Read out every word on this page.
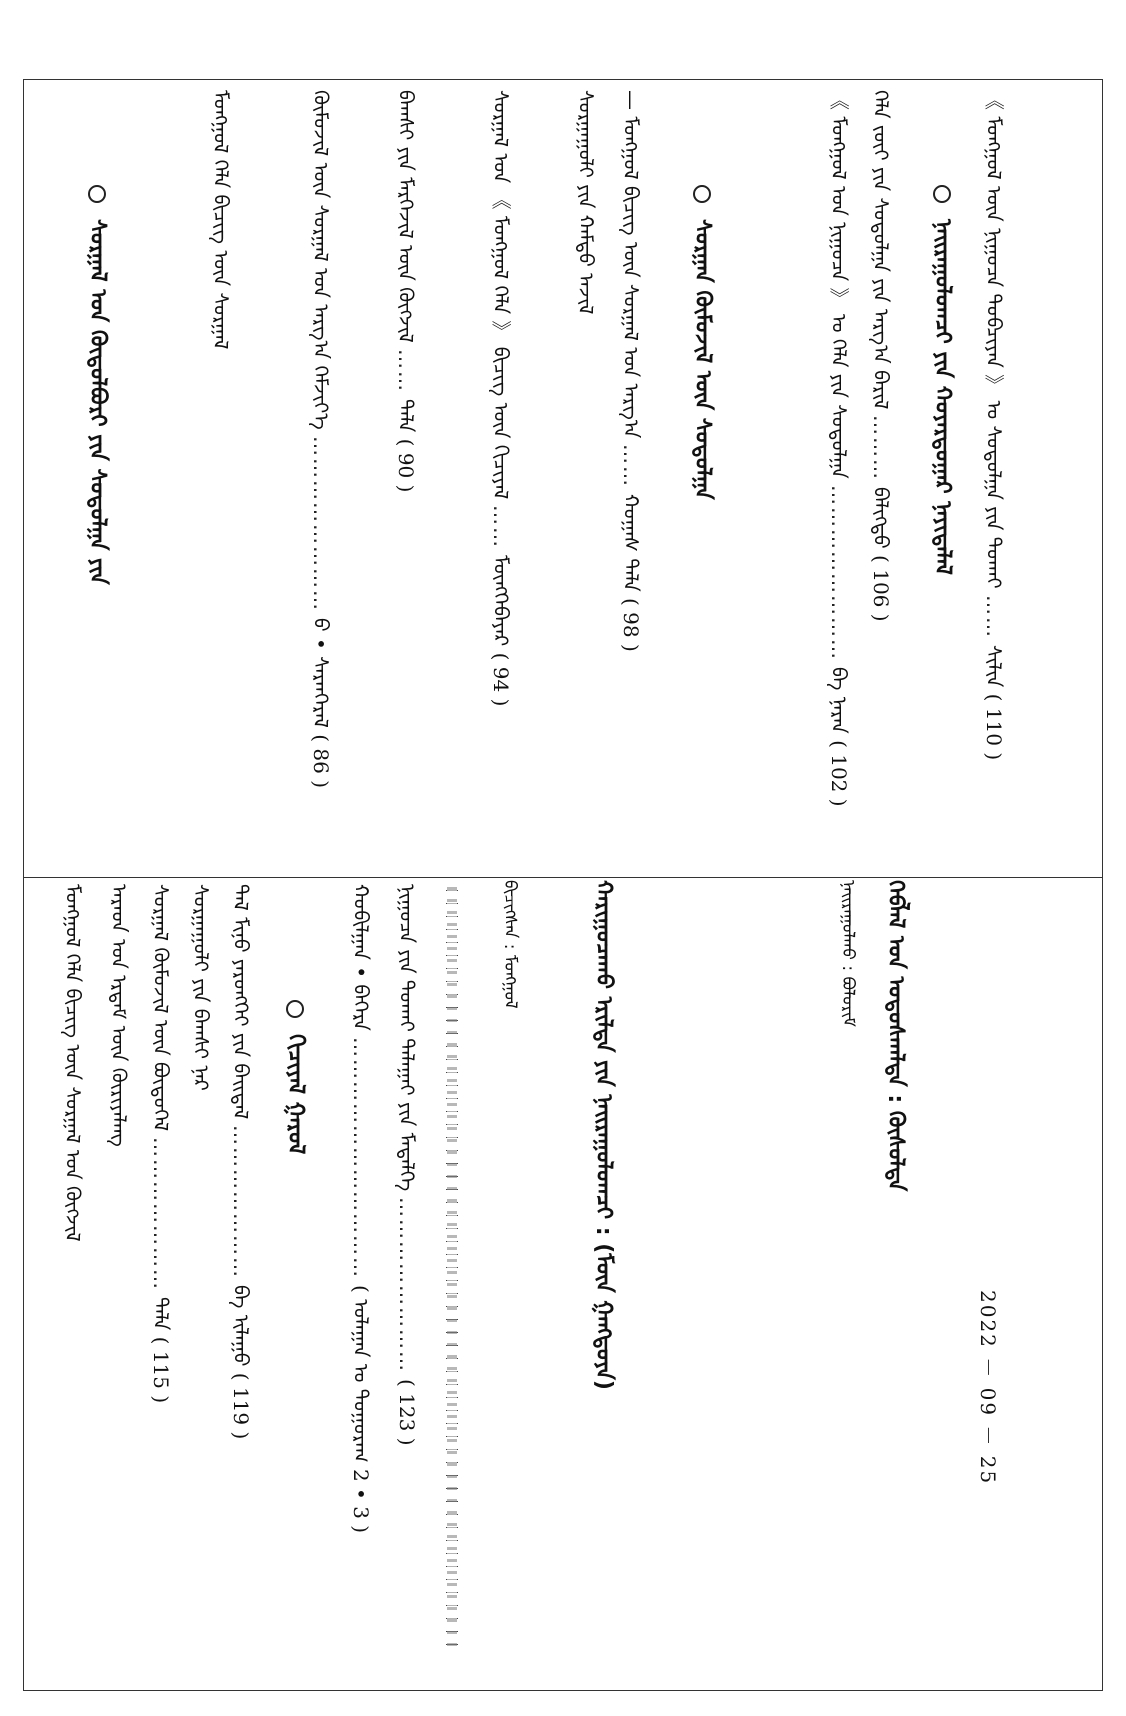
2022 － 09 － 25
ᠬᠡᠪᠯᠡᠯ ᠤᠨ ᠣᠳᠣᠰᠬᠠᠯᠲᠠ : ᠬᠦᠰᠦᠯᠲᠡ
ᠨᠠᠢᠷᠠᠭᠤᠯᠬᠤ : ᠪᠣᠯᠣᠷᠢᠮ
ᠬᠠᠷᠢᠭᠤᠴᠠᠬᠤ ᠡᠷᠢᠯᠲᠡ ᠶᠢᠨ ᠨᠠᠢᠷᠠᠭᠤᠯᠤᠭᠴᠢ : (ᠮᠦᠨ ᠭᠠᠩᠲᠤᠶᠠ)
ᠪᠢᠴᠢᠭᠰᠡᠨ : ᠮᠣᠩᠭᠣᠯ
ᠨᠢᠭᠤᠴᠠ ᠶᠢᠨ ᠲᠤᠬᠠᠢ ᠲᠠᠯᠠᠭᠠᠢ ᠶᠢᠨ ᠮᠡᠳᠡᠯᠭᠡ
……………………
( 123 )
ᠬᠤᠪᠢᠯᠭᠠᠨ • ᠪᠡᠭᠡᠷᠡ
……………………………
( ᠤᠯᠠᠭᠠᠨ ᠤ ᠲᠤᠭᠤᠷᠠᠭ 2 • 3 )
ᠬᠢᠴᠢᠶᠡᠯ ᠭᠠᠷᠤᠯ
ᠲᠠᠯ ᠮᠢᠨᠦ ᠶᠡᠷᠦᠩᠬᠡᠢ ᠶᠢᠨ ᠪᠠᠢᠳᠠᠯ
…………………
ᠪᠠ ᠢᠯᠠᠭᠤ ( 119 )
ᠰᠤᠷᠭᠠᠭᠤᠯᠢ ᠶᠢᠨ ᠪᠠᠭᠰᠢ ᠨᠠᠷ
ᠰᠤᠷᠭᠠᠯ ᠬᠦᠮᠦᠵᠢᠯ ᠦᠨ ᠪᠦᠲᠦᠭᠡᠯ
…………………
ᠲᠠᠯᠠ ( 115 )
ᠠᠷᠠᠳ ᠤᠨ ᠡᠷᠲᠡᠮ ᠦᠨ ᠬᠦᠷᠢᠶᠡᠯᠡᠩ
ᠮᠣᠩᠭᠣᠯ ᠬᠡᠯᠡ ᠪᠢᠴᠢᠭ ᠦᠨ ᠰᠤᠷᠭᠠᠯ ᠤᠨ ᠬᠥᠭᠵᠢᠯ
《 ᠮᠣᠩᠭᠣᠯ ᠦᠨ ᠨᠢᠭᠤᠴᠠ ᠲᠣᠪᠴᠢᠶᠠᠨ 》 ᠤ ᠰᠤᠳᠤᠯᠭᠠ ᠶᠢᠨ ᠲᠤᠬᠠᠢ
……
ᠰᠢᠯᠢᠨ ( 110 )
ᠨᠠᠢᠷᠠᠭᠤᠯᠤᠭᠴᠢ ᠶᠢᠨ ᠬᠣᠶᠠᠷᠳᠤᠭᠠᠷ ᠨᠡᠶᠢᠲᠡᠯᠡᠯ
ᠬᠡᠯᠡ ᠵᠦᠢ ᠶᠢᠨ ᠰᠤᠳᠤᠯᠭᠠ ᠶᠢᠨ ᠠᠷᠭ᠎ᠠ ᠪᠠᠷᠢᠯ
………
ᠪᠡᠯᠢᠭᠲᠦ ( 106 )
《 ᠮᠣᠩᠭᠣᠯ ᠤᠨ ᠨᠢᠭᠤᠴᠠ 》 ᠤ ᠬᠡᠯᠡ ᠶᠢᠨ ᠰᠤᠳᠤᠯᠭᠠ
……………………
ᠪᠠ ᠨᠠᠷᠠᠨ ( 102 )
ᠰᠤᠷᠭᠠᠨ ᠬᠦᠮᠦᠵᠢᠯ ᠦᠨ ᠰᠤᠳᠤᠯᠭᠠ
— ᠮᠣᠩᠭᠣᠯ ᠪᠢᠴᠢᠭ ᠦᠨ ᠰᠤᠷᠭᠠᠯ ᠤᠨ ᠠᠷᠭ᠎ᠠ
……
ᠬᠤᠭᠠᠰ ᠲᠠᠯᠠ ( 98 )
ᠰᠤᠷᠭᠠᠭᠤᠯᠢ ᠶᠢᠨ ᠬᠠᠮᠲᠤ ᠠᠵᠢᠯ
ᠰᠤᠷᠭᠠᠯ ᠤᠨ 《 ᠮᠣᠩᠭᠣᠯ ᠬᠡᠯᠡ 》 ᠪᠢᠴᠢᠭ ᠦᠨ ᠬᠢᠴᠢᠶᠡᠯ
……
ᠮᠥᠩᠬᠡᠪᠠᠶᠠᠷ ( 94 )
ᠪᠠᠭᠰᠢ ᠶᠢᠨ ᠮᠡᠷᠭᠡᠵᠢᠯ ᠦᠨ ᠬᠥᠭᠵᠢᠯ
……
ᠲᠠᠯᠠ ( 90 )
ᠬᠦᠮᠦᠵᠢᠯ ᠦᠨ ᠰᠤᠷᠭᠠᠯ ᠤᠨ ᠠᠷᠭ᠎ᠠ ᠬᠡᠮᠵᠢᠶ᠎ᠡ
……………………
ᠪ • ᠰᠠᠷᠠᠨᠭᠡᠷᠡᠯ ( 86 )
ᠮᠣᠩᠭᠣᠯ ᠬᠡᠯᠡ ᠪᠢᠴᠢᠭ ᠦᠨ ᠰᠤᠷᠭᠠᠯ
ᠰᠤᠷᠭᠠᠯ ᠤᠨ ᠬᠥᠲᠦᠯᠪᠦᠷᠢ ᠶᠢᠨ ᠰᠤᠳᠤᠯᠭᠠ ᠶᠢᠨ
